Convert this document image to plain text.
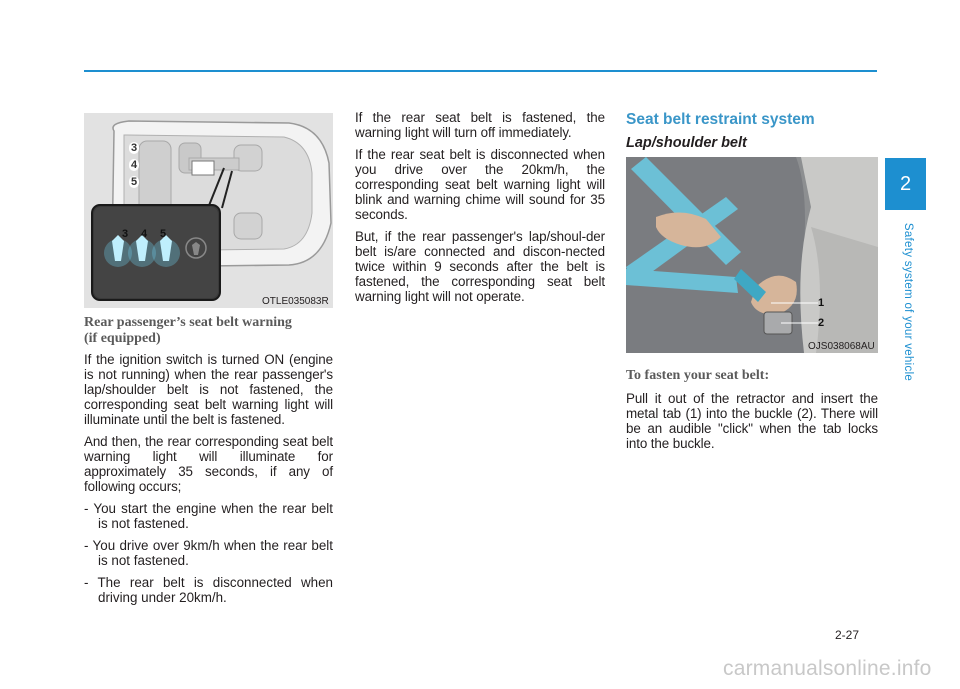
OTLE035083R
3
4
5
3 4 5

Rear passenger’s seat belt warning

(if equipped)

If the ignition switch is turned ON (engine is not running) when the rear passenger's lap/shoulder belt is not fastened, the corresponding seat belt warning light will illuminate until the belt is fastened.

And then, the rear corresponding seat belt warning light will illuminate for approximately 35 seconds, if any of following occurs;

- You start the engine when the rear belt is not fastened.

- You drive over 9km/h when the rear belt is not fastened.

- The rear belt is disconnected when driving under 20km/h.

If the rear seat belt is fastened, the warning light will turn off immediately.

If the rear seat belt is disconnected when you drive over the 20km/h, the corresponding seat belt warning light will blink and warning chime will sound for 35 seconds.

But, if the rear passenger's lap/shoul-der belt is/are connected and discon-nected twice within 9 seconds after the belt is fastened, the corresponding seat belt warning light will not operate.

Seat belt restraint system
Lap/shoulder belt
1
2
OJS038068AU

To fasten your seat belt:

Pull it out of the retractor and insert the metal tab (1) into the buckle (2). There will be an audible "click" when the tab locks into the buckle.

2
Safety system of your vehicle
2-27
carmanualsonline.info
